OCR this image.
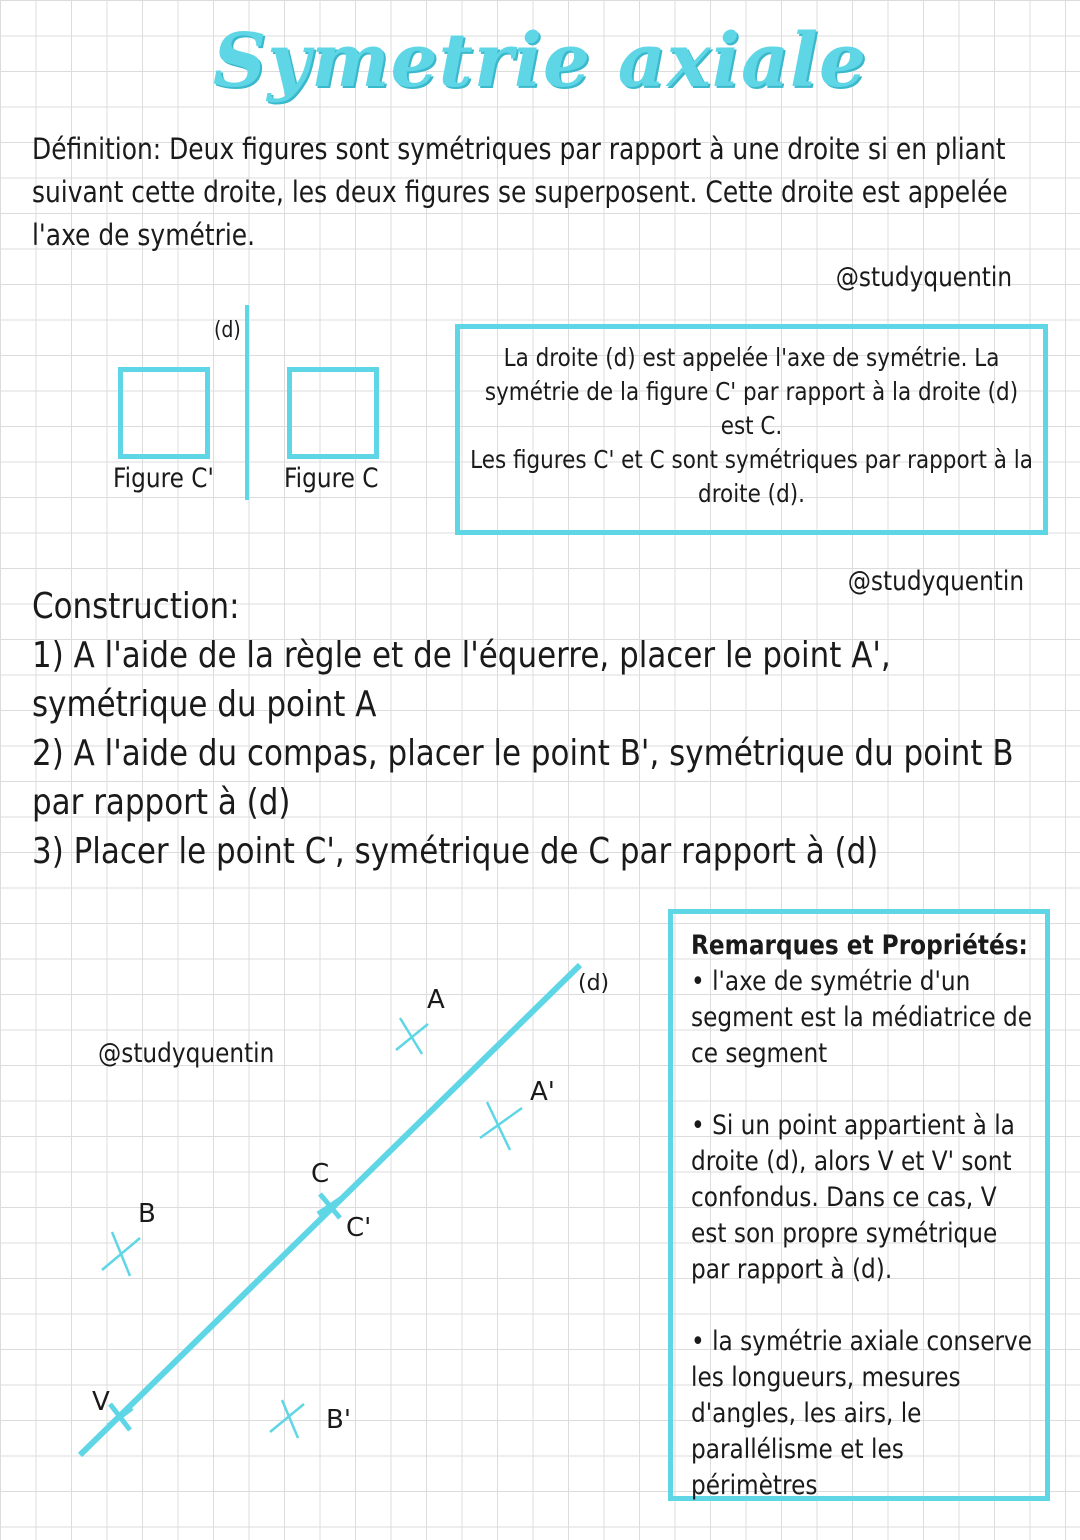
Symetrie axiale
Définition: Deux figures sont symétriques par rapport à une droite si en pliant suivant cette droite, les deux figures se superposent. Cette droite est appelée l'axe de symétrie.
@studyquentin
(d)
Figure C'	Figure C
La droite (d) est appelée l'axe de symétrie. La symétrie de la figure C' par rapport à la droite (d) est C.
Les figures C' et C sont symétriques par rapport à la droite (d).
@studyquentin
Construction:
1) A l'aide de la règle et de l'équerre, placer le point A', symétrique du point A
2) A l'aide du compas, placer le point B', symétrique du point B par rapport à (d)
3) Placer le point C', symétrique de C par rapport à (d)
A
A'
B
B'
C
C'
V
(d)
@studyquentin

Remarques et Propriétés:

• l'axe de symétrie d'un segment est la médiatrice de ce segment

• Si un point appartient à la droite (d), alors V et V' sont confondus. Dans ce cas, V est son propre symétrique par rapport à (d).

• la symétrie axiale conserve les longueurs, mesures d'angles, les airs, le parallélisme et les périmètres
